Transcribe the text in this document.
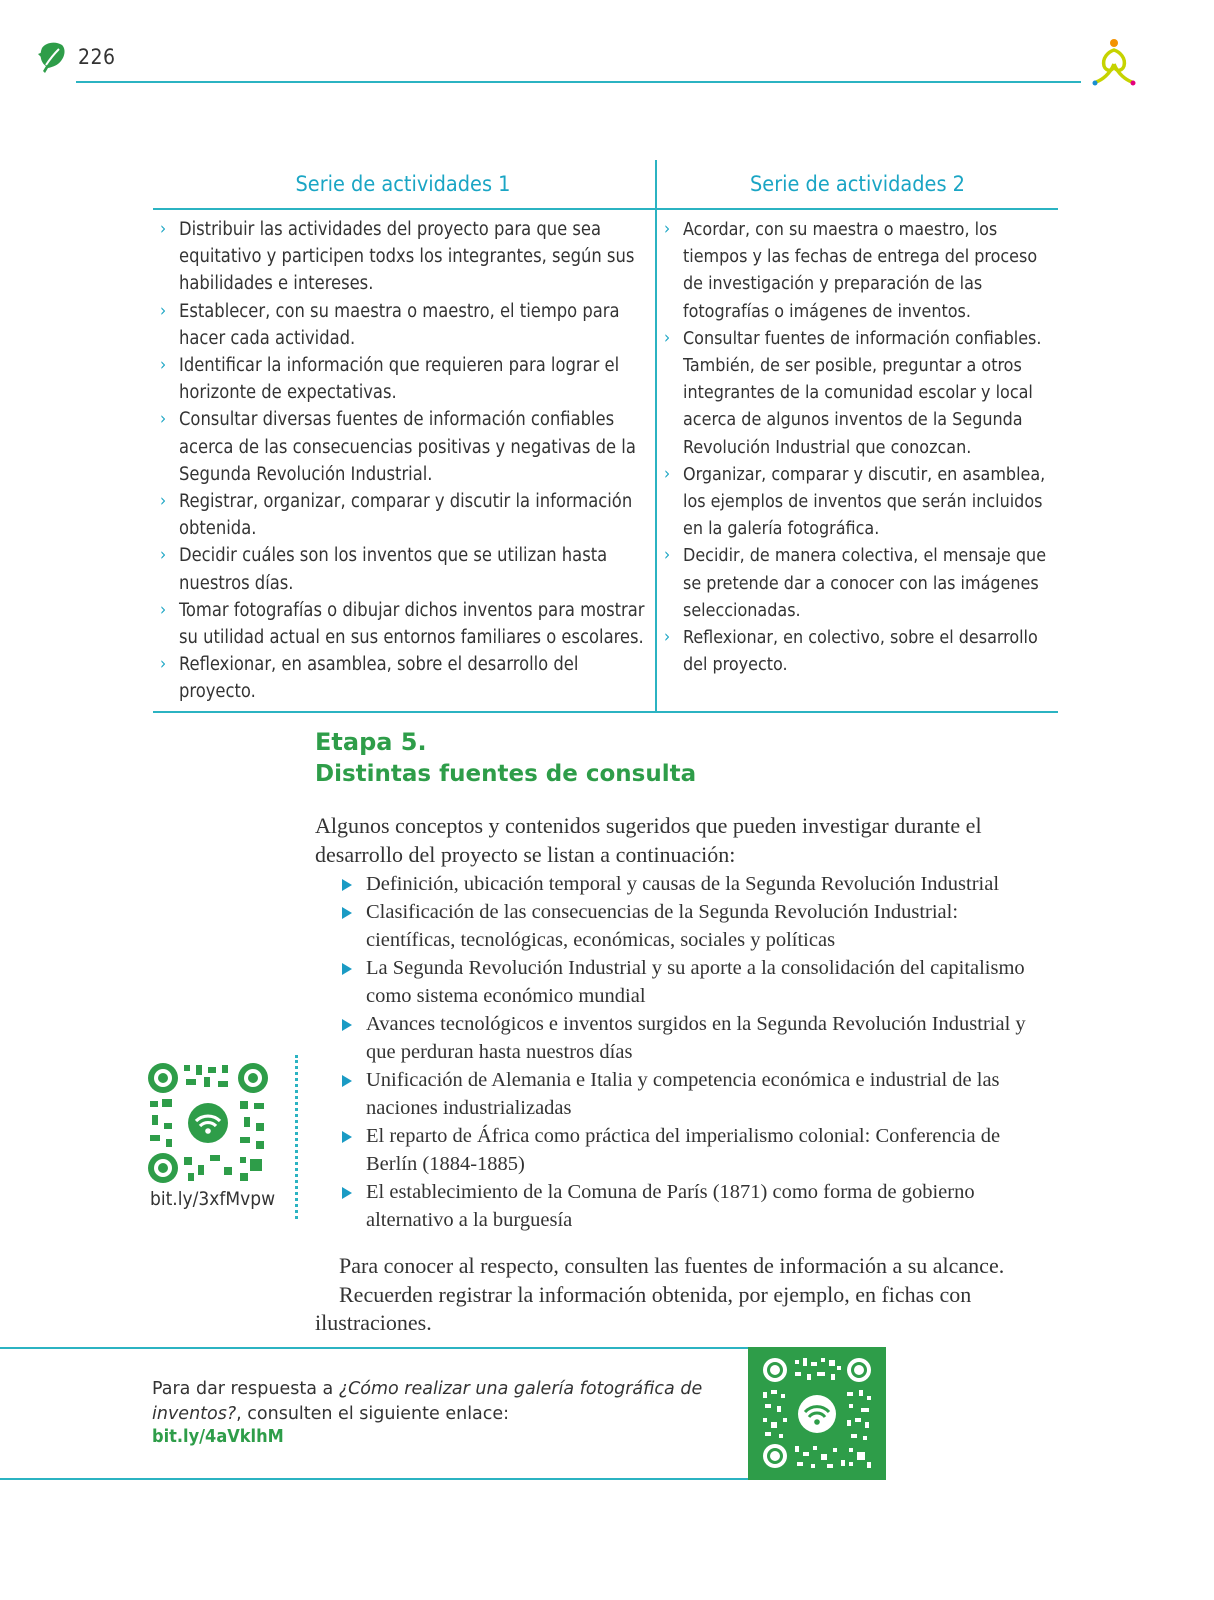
226
Serie de actividades 1
› Distribuir las actividades del proyecto para que sea equitativo y participen todxs los integrantes, según sus habilidades e intereses.
› Establecer, con su maestra o maestro, el tiempo para hacer cada actividad.
› Identificar la información que requieren para lograr el horizonte de expectativas.
› Consultar diversas fuentes de información confiables acerca de las consecuencias positivas y negativas de la Segunda Revolución Industrial.
› Registrar, organizar, comparar y discutir la información obtenida.
› Decidir cuáles son los inventos que se utilizan hasta nuestros días.
› Tomar fotografías o dibujar dichos inventos para mostrar su utilidad actual en sus entornos familiares o escolares.
› Reflexionar, en asamblea, sobre el desarrollo del proyecto.
Serie de actividades 2
› Acordar, con su maestra o maestro, los tiempos y las fechas de entrega del proceso de investigación y preparación de las fotografías o imágenes de inventos.
› Consultar fuentes de información confiables. También, de ser posible, preguntar a otros integrantes de la comunidad escolar y local acerca de algunos inventos de la Segunda Revolución Industrial que conozcan.
› Organizar, comparar y discutir, en asamblea, los ejemplos de inventos que serán incluidos en la galería fotográfica.
› Decidir, de manera colectiva, el mensaje que se pretende dar a conocer con las imágenes seleccionadas.
› Reflexionar, en colectivo, sobre el desarrollo del proyecto.
Etapa 5.
Distintas fuentes de consulta

Algunos conceptos y contenidos sugeridos que pueden investigar durante el desarrollo del proyecto se listan a continuación:

Definición, ubicación temporal y causas de la Segunda Revolución Industrial
Clasificación de las consecuencias de la Segunda Revolución Industrial: científicas, tecnológicas, económicas, sociales y políticas
La Segunda Revolución Industrial y su aporte a la consolidación del capitalismo como sistema económico mundial
Avances tecnológicos e inventos surgidos en la Segunda Revolución Industrial y que perduran hasta nuestros días
Unificación de Alemania e Italia y competencia económica e industrial de las naciones industrializadas
El reparto de África como práctica del imperialismo colonial: Conferencia de Berlín (1884-1885)
El establecimiento de la Comuna de París (1871) como forma de gobierno alternativo a la burguesía

Para conocer al respecto, consulten las fuentes de información a su alcance.
Recuerden registrar la información obtenida, por ejemplo, en fichas con ilustraciones.

bit.ly/3xfMvpw

Para dar respuesta a ¿Cómo realizar una galería fotográfica de inventos?, consulten el siguiente enlace:

bit.ly/4aVklhM
